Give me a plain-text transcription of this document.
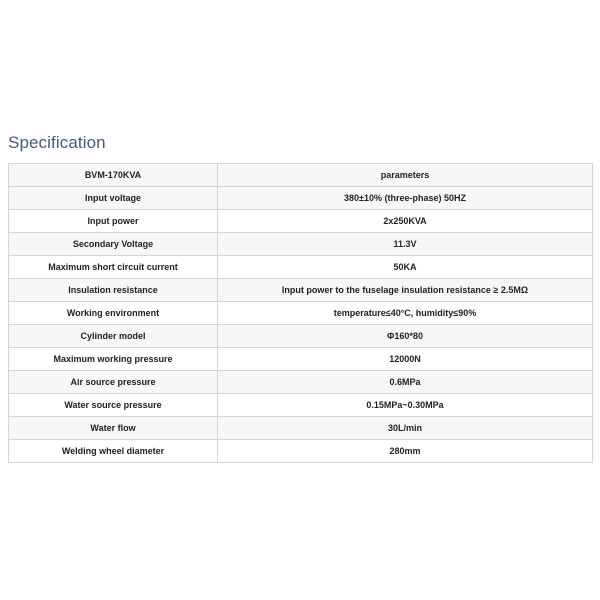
Specification
BVM-170KVA	parameters
Input voltage	380±10% (three-phase) 50HZ
Input power	2x250KVA
Secondary Voltage	11.3V
Maximum short circuit current	50KA
Insulation resistance	Input power to the fuselage insulation resistance ≥ 2.5MΩ
Working environment	temperature≤40°C, humidity≤90%
Cylinder model	Φ160*80
Maximum working pressure	12000N
Air source pressure	0.6MPa
Water source pressure	0.15MPa~0.30MPa
Water flow	30L/min
Welding wheel diameter	280mm
